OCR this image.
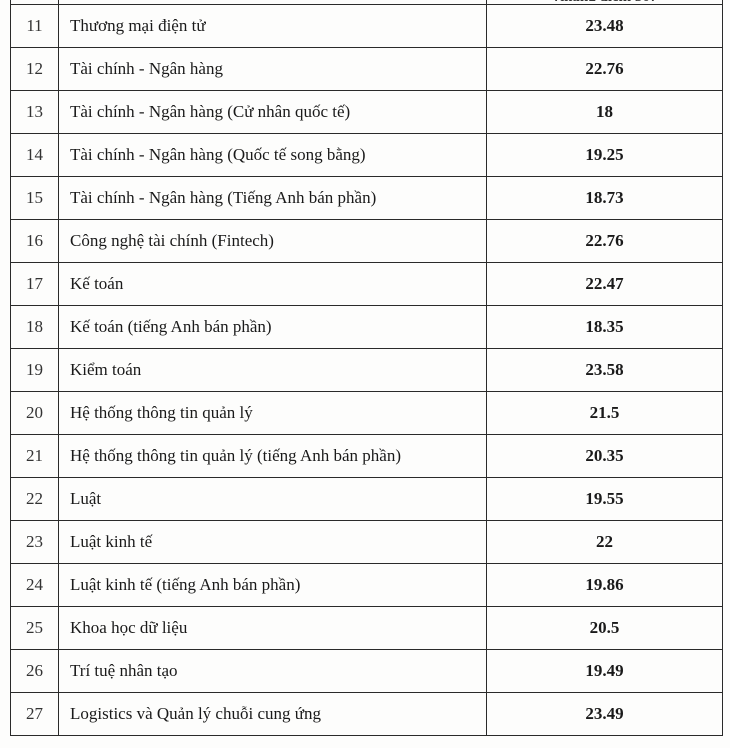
11	Thương mại điện tử	23.48
12	Tài chính - Ngân hàng	22.76
13	Tài chính - Ngân hàng (Cử nhân quốc tế)	18
14	Tài chính - Ngân hàng (Quốc tế song bằng)	19.25
15	Tài chính - Ngân hàng (Tiếng Anh bán phần)	18.73
16	Công nghệ tài chính (Fintech)	22.76
17	Kế toán	22.47
18	Kế toán (tiếng Anh bán phần)	18.35
19	Kiểm toán	23.58
20	Hệ thống thông tin quản lý	21.5
21	Hệ thống thông tin quản lý (tiếng Anh bán phần)	20.35
22	Luật	19.55
23	Luật kinh tế	22
24	Luật kinh tế (tiếng Anh bán phần)	19.86
25	Khoa học dữ liệu	20.5
26	Trí tuệ nhân tạo	19.49
27	Logistics và Quản lý chuỗi cung ứng	23.49
